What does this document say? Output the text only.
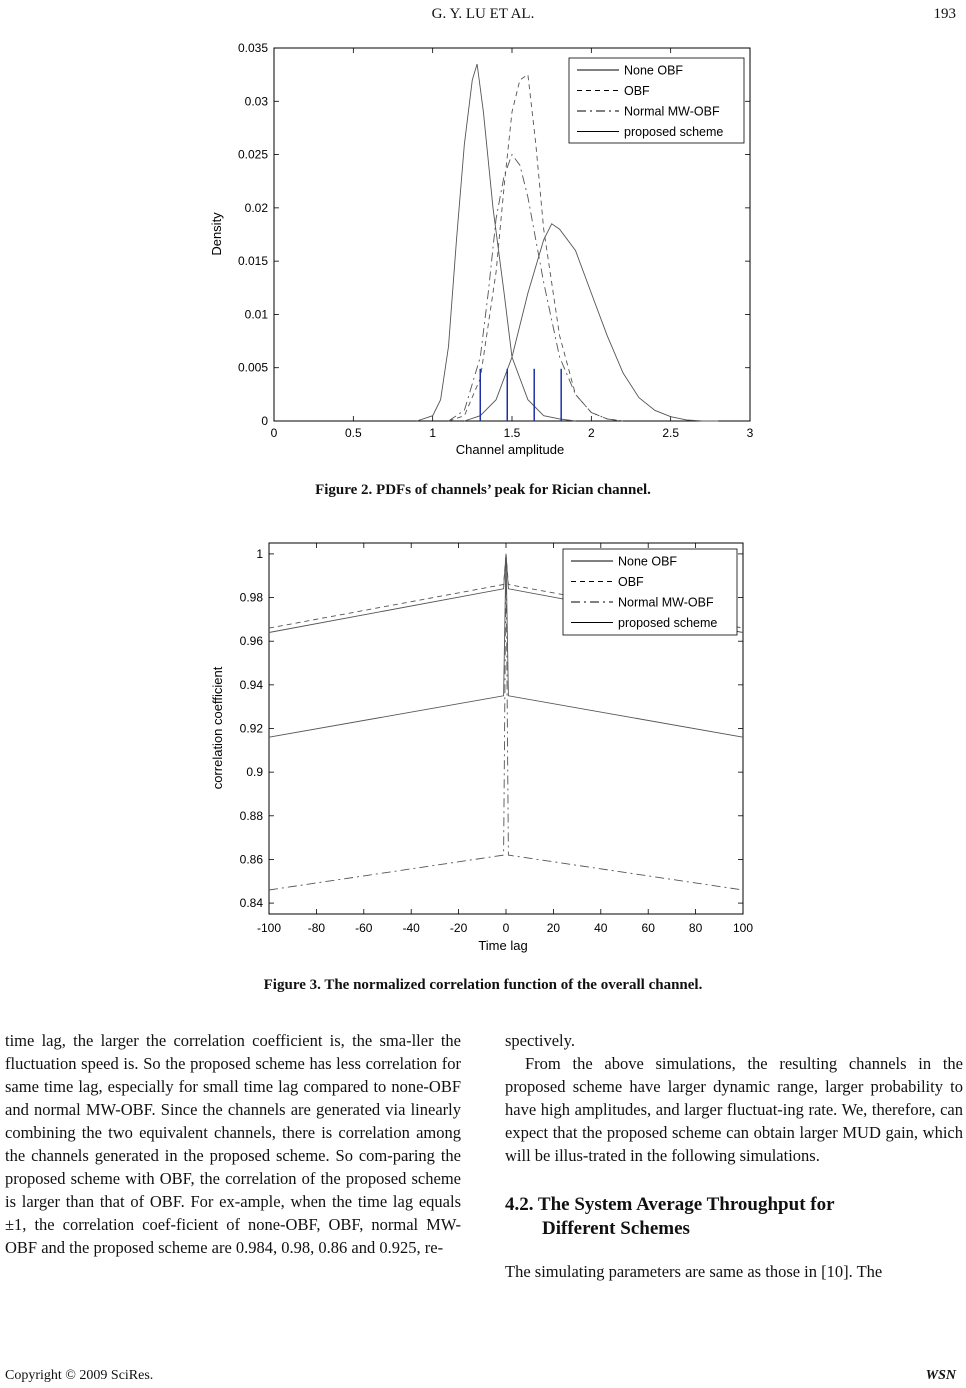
G. Y. LU ET AL.	193
0	0.5	1	1.5	2	2.5	3
0
0.005
0.01
0.015
0.02
0.025
0.03
0.035
Channel amplitude
Density
None OBF
OBF
Normal MW-OBF
proposed scheme
Figure 2. PDFs of channels’ peak for Rician channel.
-100 -80	-60	-40	-20	0	20	40	60	80	100
0.84
0.86
0.88
0.9
0.92
0.94
0.96
0.98
1
Time lag
correlation coefficient
None OBF
OBF
Normal MW-OBF
proposed scheme
Figure 3. The normalized correlation function of the overall channel.

time lag, the larger the correlation coefficient is, the sma-ller the fluctuation speed is. So the proposed scheme has less correlation for same time lag, especially for small time lag compared to none-OBF and normal MW-OBF. Since the channels are generated via linearly combining the two equivalent channels, there is correlation among the channels generated in the proposed scheme. So com-paring the proposed scheme with OBF, the correlation of the proposed scheme is larger than that of OBF. For ex-ample, when the time lag equals ±1, the correlation coef-ficient of none-OBF, OBF, normal MW-OBF and the proposed scheme are 0.984, 0.98, 0.86 and 0.925, re-

spectively.

From the above simulations, the resulting channels in the proposed scheme have larger dynamic range, larger probability to have high amplitudes, and larger fluctuat-ing rate. We, therefore, can expect that the proposed scheme can obtain larger MUD gain, which will be illus-trated in the following simulations.

4.2. The System Average Throughput for
Different Schemes

The simulating parameters are same as those in [10]. The

Copyright © 2009 SciRes.	WSN
